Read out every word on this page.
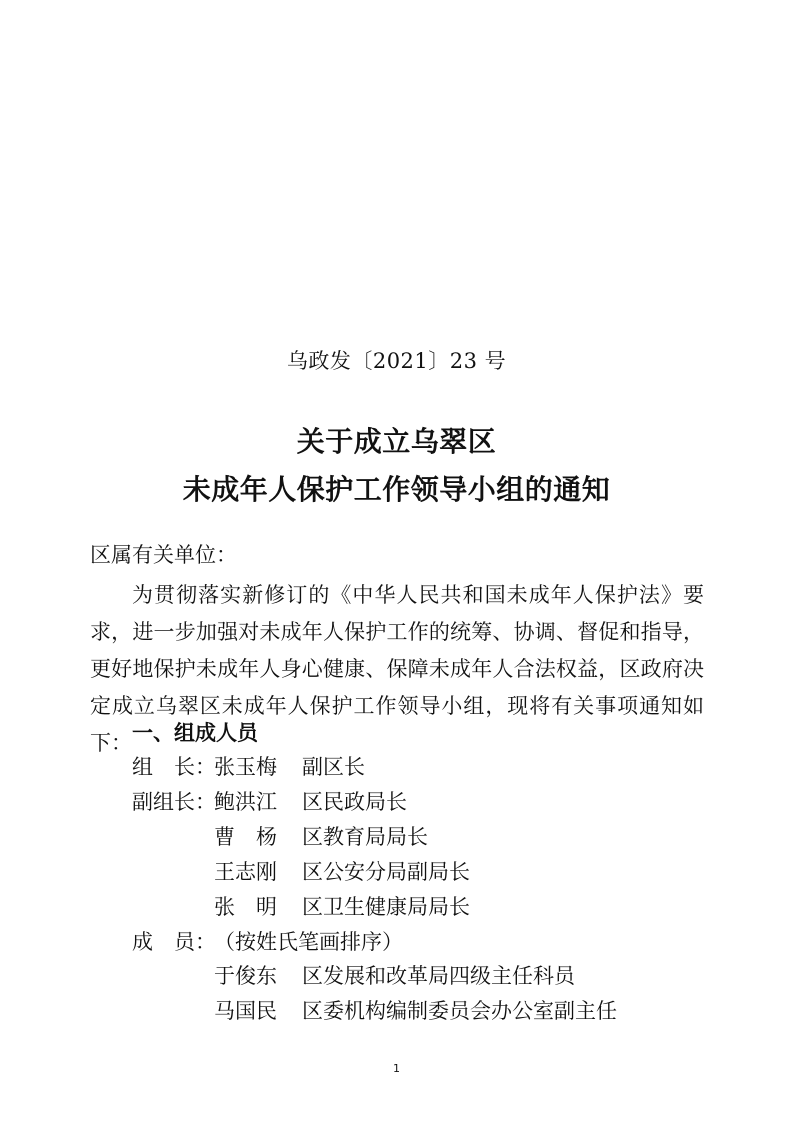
乌政发〔2021〕23 号
关于成立乌翠区
未成年人保护工作领导小组的通知
区属有关单位：
为贯彻落实新修订的《中华人民共和国未成年人保护法》要求，进一步加强对未成年人保护工作的统筹、协调、督促和指导，更好地保护未成年人身心健康、保障未成年人合法权益，区政府决定成立乌翠区未成年人保护工作领导小组，现将有关事项通知如下： 一、组成人员
组　长：
张玉梅 副区长
副组长：
鲍洪江 区民政局长
曹　杨 区教育局局长
王志刚 区公安分局副局长
张　明 区卫生健康局局长
成　员：
（按姓氏笔画排序）
于俊东 区发展和改革局四级主任科员
马国民 区委机构编制委员会办公室副主任
1
